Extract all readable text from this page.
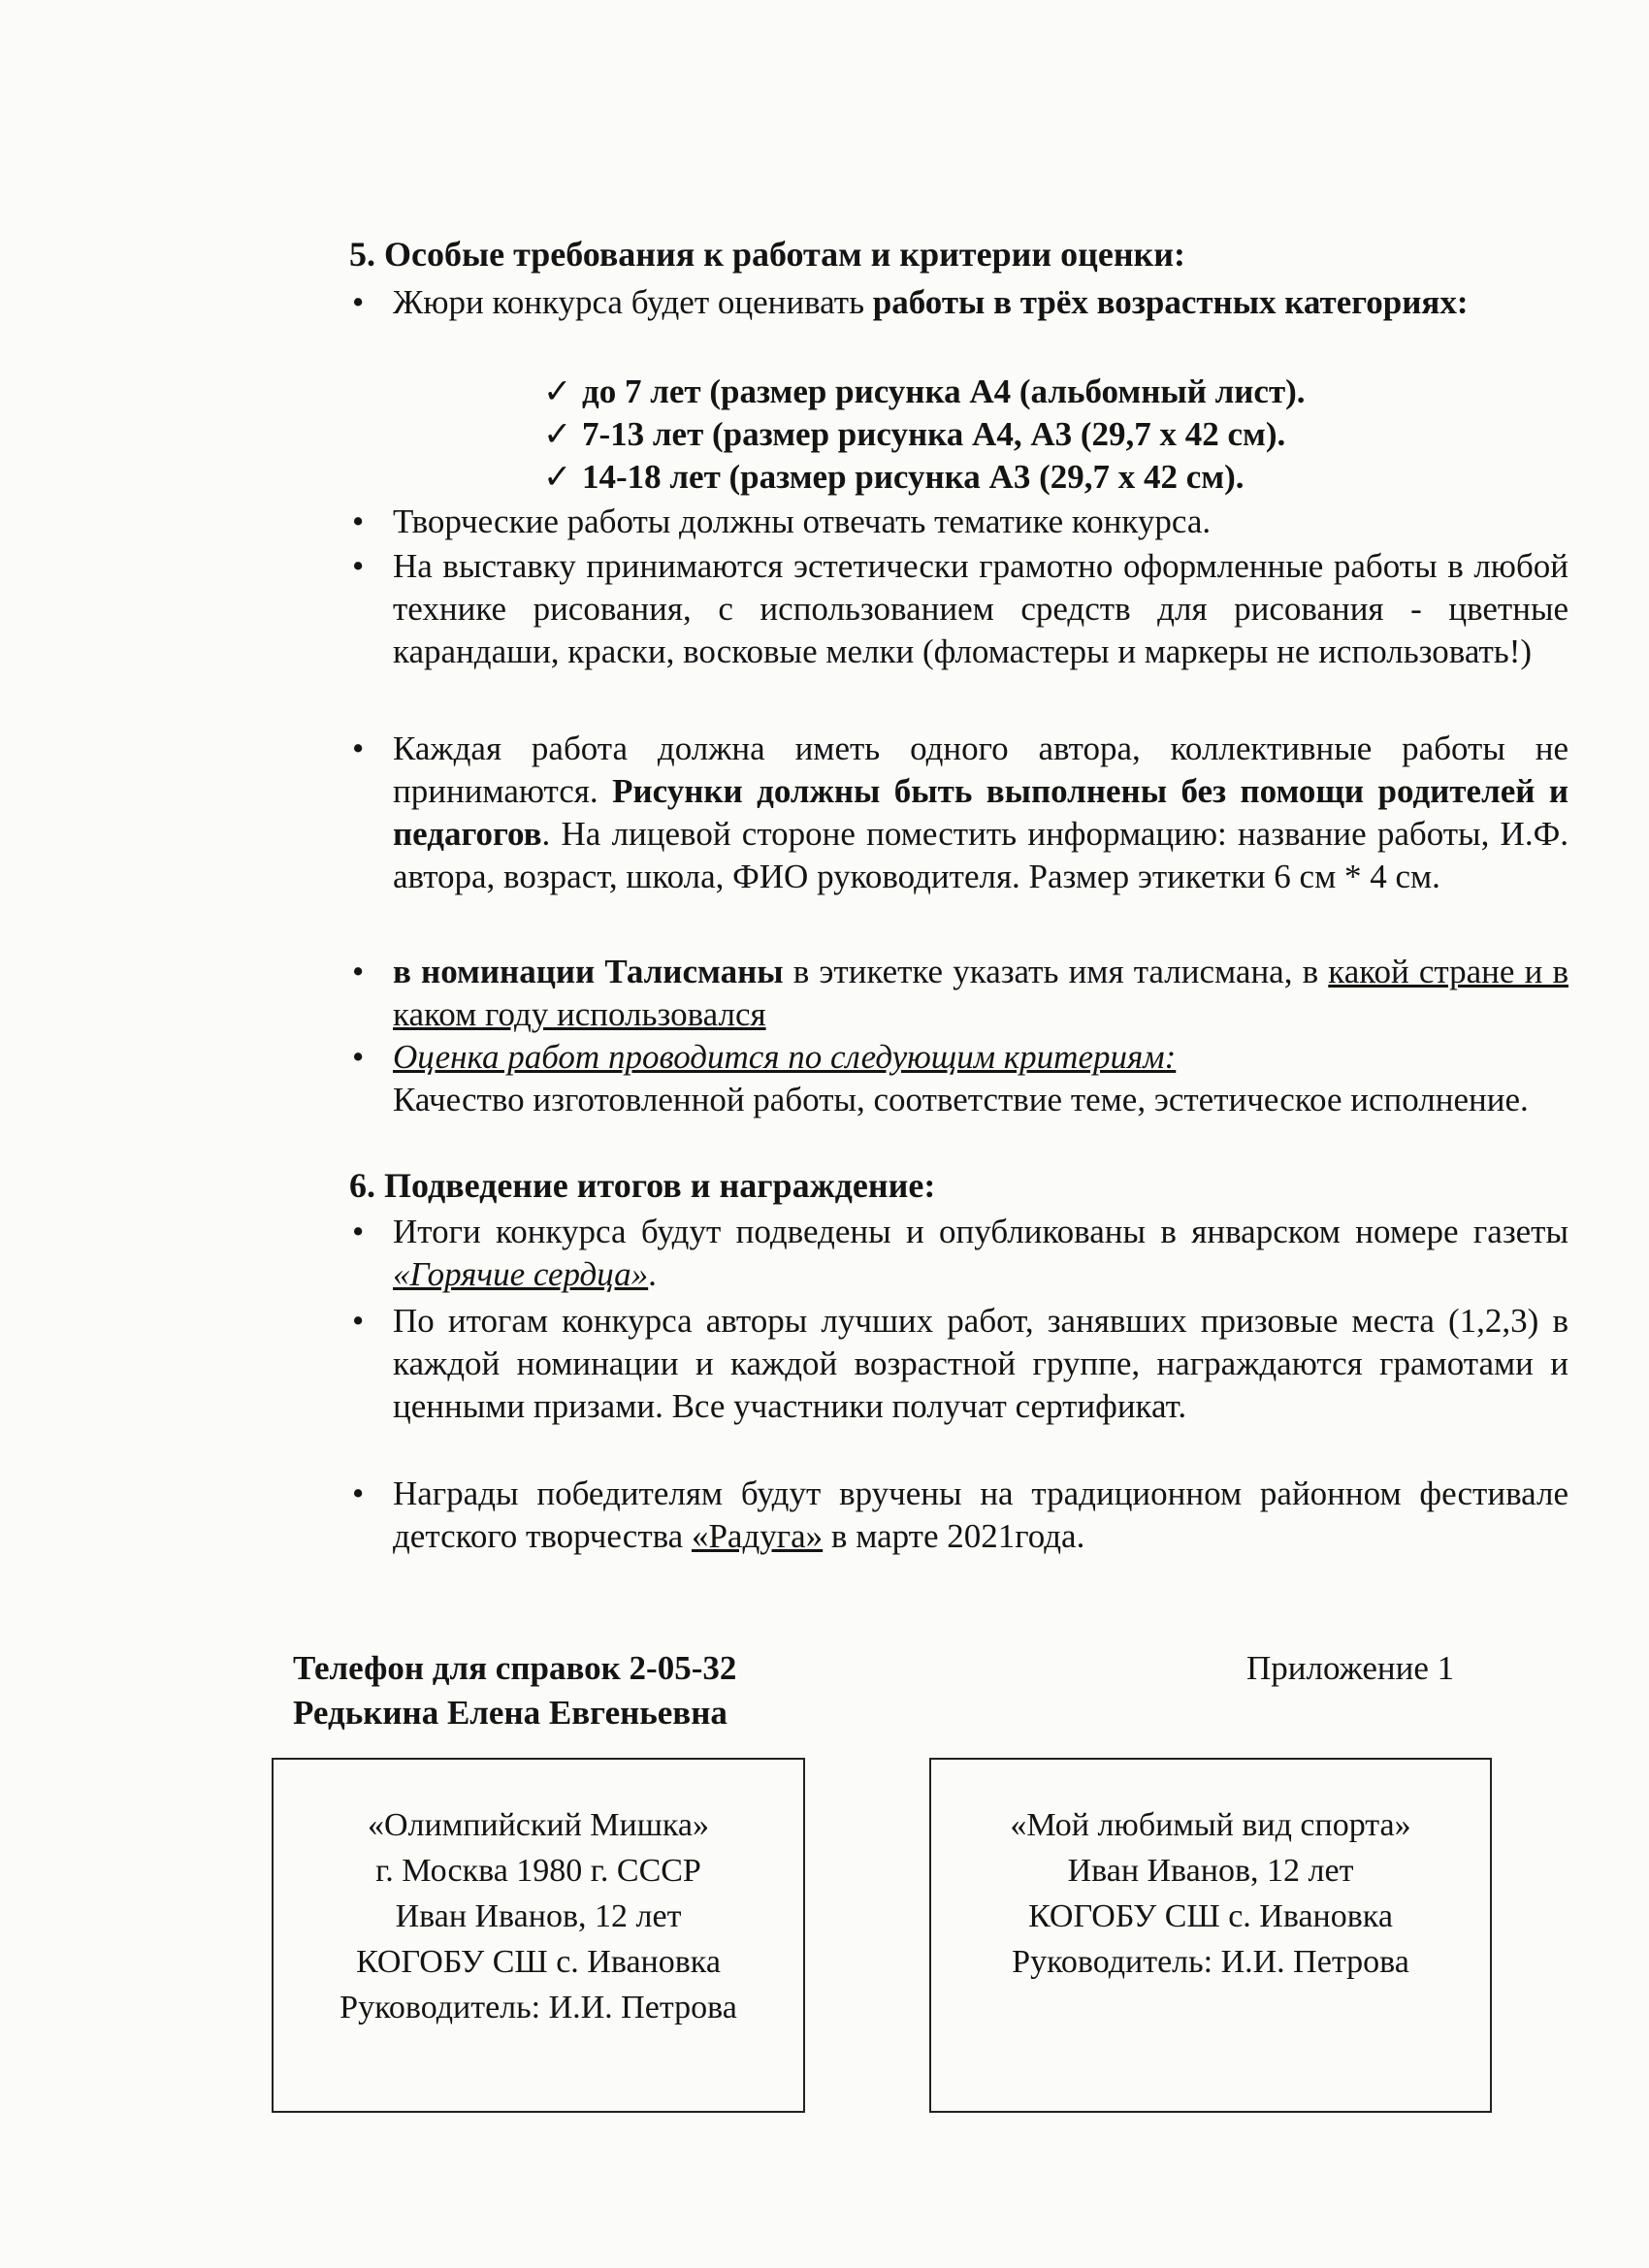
5. Особые требования к работам и критерии оценки:
• Жюри конкурса будет оценивать работы в трёх возрастных категориях:
✓ до 7 лет (размер рисунка А4 (альбомный лист).
✓ 7-13 лет (размер рисунка А4, А3 (29,7 х 42 см).
✓ 14-18 лет (размер рисунка А3 (29,7 х 42 см).
• Творческие работы должны отвечать тематике конкурса.
• На выставку принимаются эстетически грамотно оформленные работы в любой технике рисования, с использованием средств для рисования - цветные карандаши, краски, восковые мелки (фломастеры и маркеры не использовать!)
• Каждая работа должна иметь одного автора, коллективные работы не принимаются. Рисунки должны быть выполнены без помощи родителей и педагогов. На лицевой стороне поместить информацию: название работы, И.Ф. автора, возраст, школа, ФИО руководителя. Размер этикетки 6 см * 4 см.
• в номинации Талисманы в этикетке указать имя талисмана, в какой стране и в каком году использовался
• Оценка работ проводится по следующим критериям:
Качество изготовленной работы, соответствие теме, эстетическое исполнение.
6. Подведение итогов и награждение:
• Итоги конкурса будут подведены и опубликованы в январском номере газеты «Горячие сердца».
• По итогам конкурса авторы лучших работ, занявших призовые места (1,2,3) в каждой номинации и каждой возрастной группе, награждаются грамотами и ценными призами. Все участники получат сертификат.
• Награды победителям будут вручены на традиционном районном фестивале детского творчества «Радуга» в марте 2021года.
Телефон для справок 2-05-32
Редькина Елена Евгеньевна
Приложение 1
«Олимпийский Мишка»
г. Москва 1980 г. СССР
Иван Иванов, 12 лет
КОГОБУ СШ с. Ивановка
Руководитель: И.И. Петрова
«Мой любимый вид спорта»
Иван Иванов, 12 лет
КОГОБУ СШ с. Ивановка
Руководитель: И.И. Петрова
